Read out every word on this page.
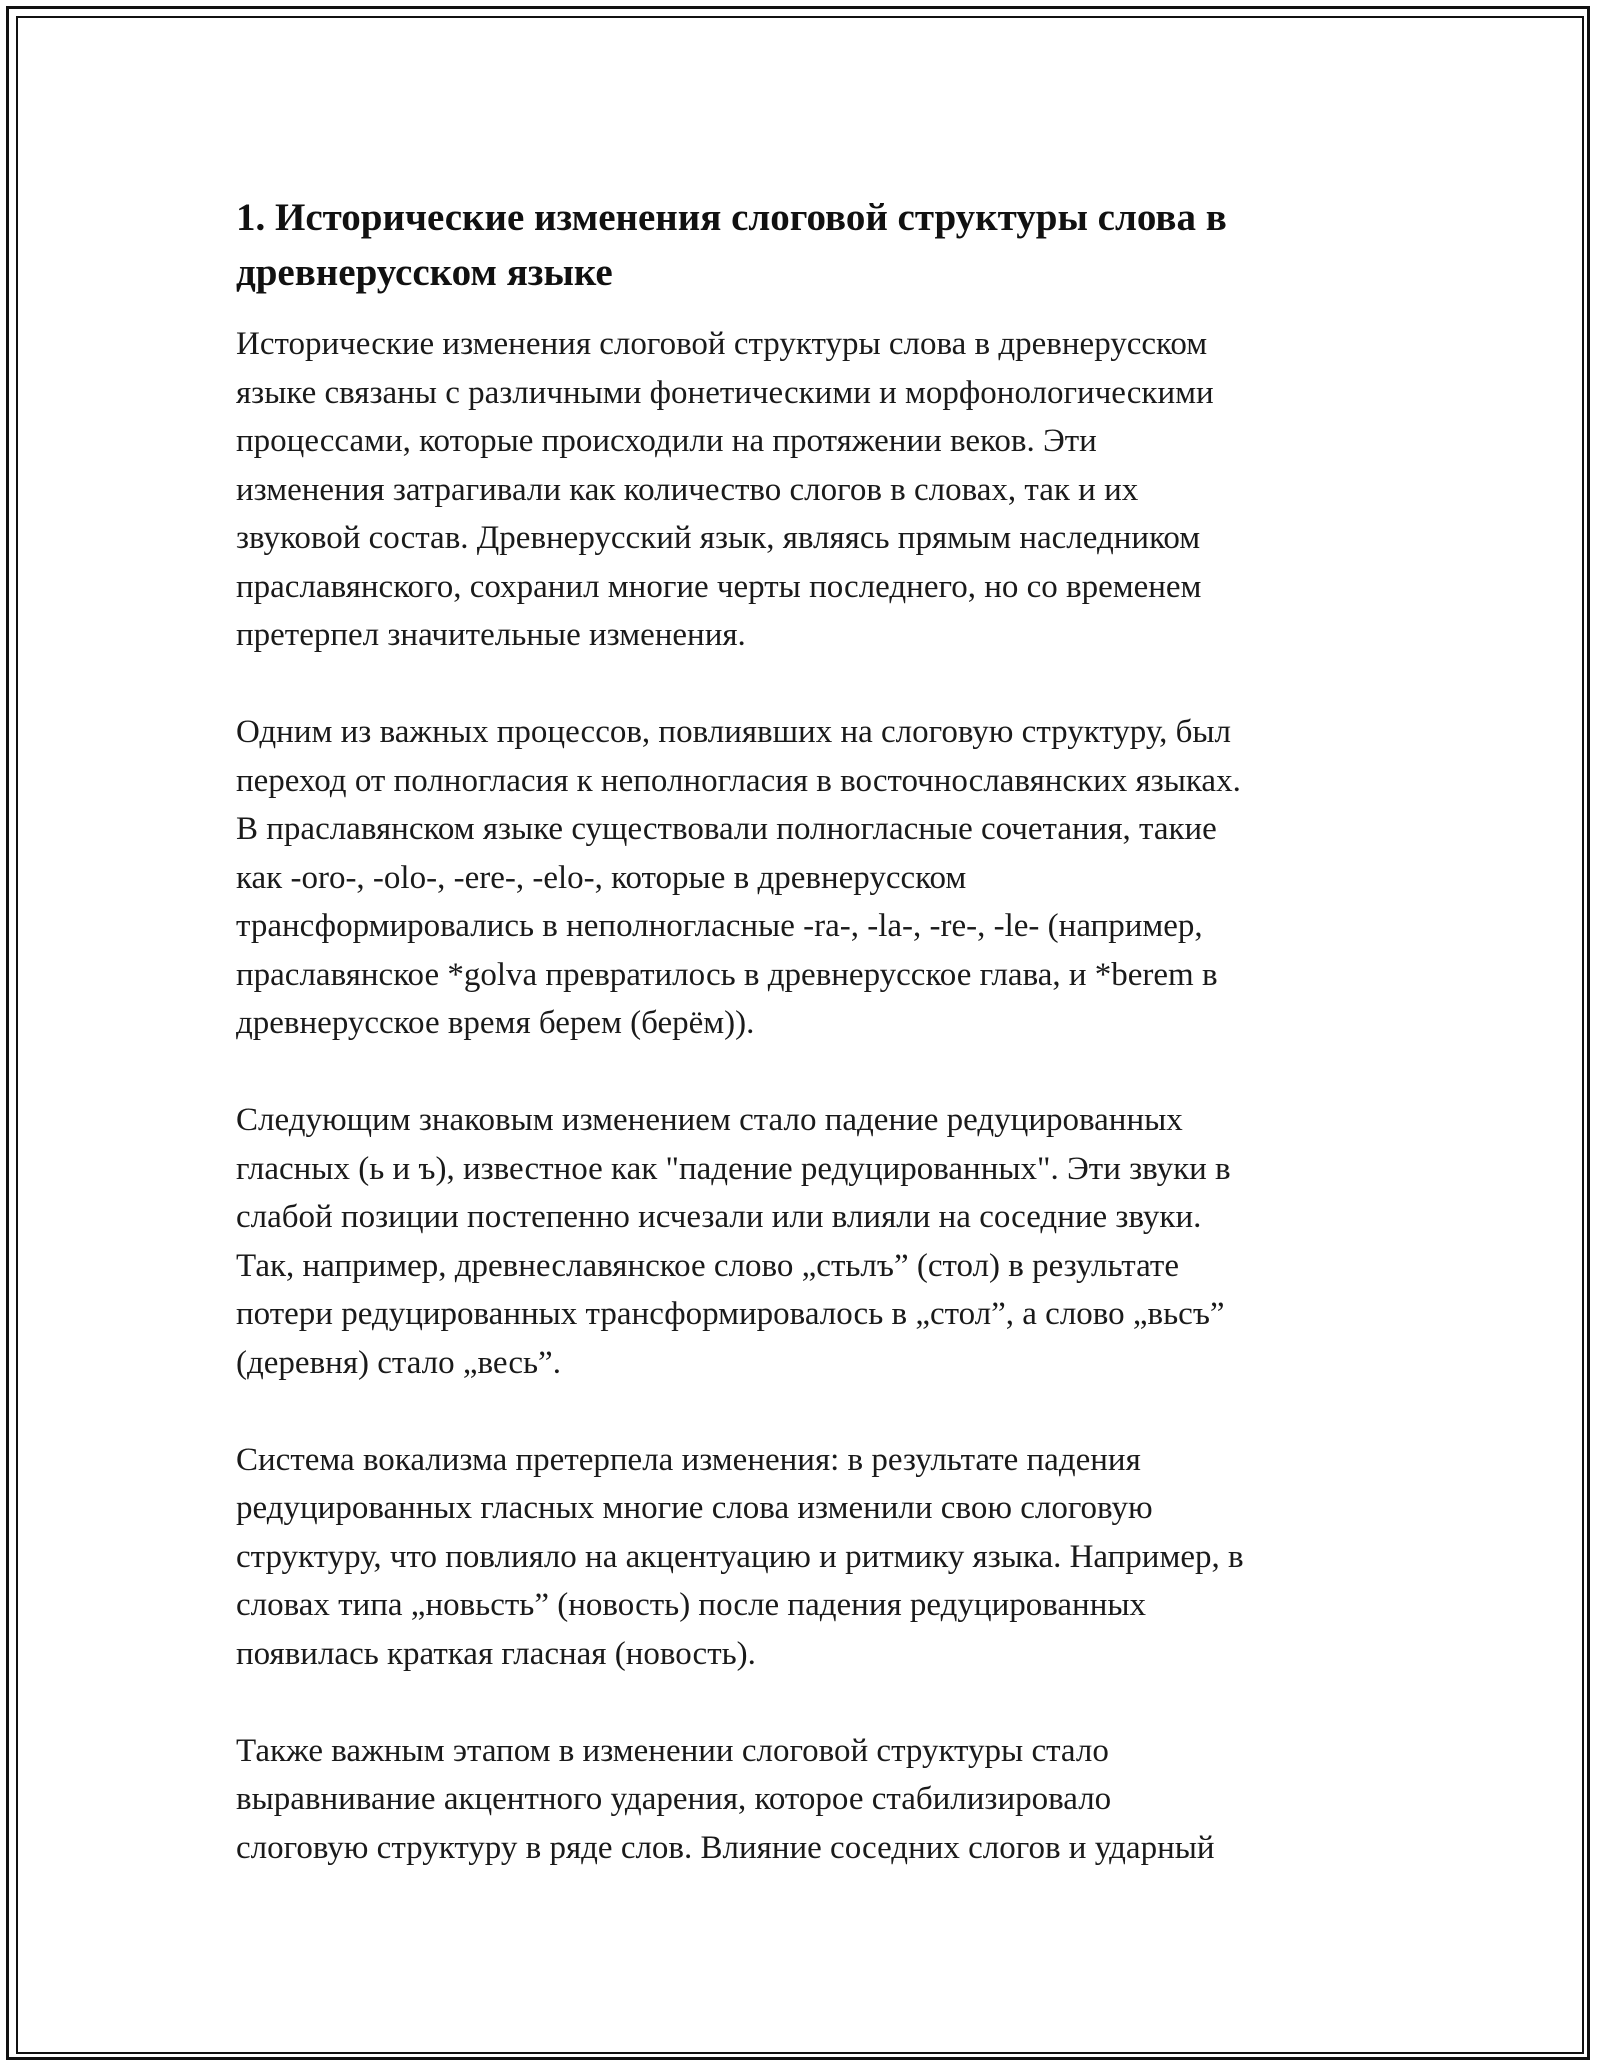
1. Исторические изменения слоговой структуры слова в
древнерусском языке

Исторические изменения слоговой структуры слова в древнерусском
языке связаны с различными фонетическими и морфонологическими
процессами, которые происходили на протяжении веков. Эти
изменения затрагивали как количество слогов в словах, так и их
звуковой состав. Древнерусский язык, являясь прямым наследником
праславянского, сохранил многие черты последнего, но со временем
претерпел значительные изменения.

Одним из важных процессов, повлиявших на слоговую структуру, был
переход от полногласия к неполногласия в восточнославянских языках.
В праславянском языке существовали полногласные сочетания, такие
как -oro-, -olo-, -ere-, -elo-, которые в древнерусском
трансформировались в неполногласные -ra-, -la-, -re-, -le- (например,
праславянское *golva превратилось в древнерусское глава, и *berem в
древнерусское время берем (берём)).

Следующим знаковым изменением стало падение редуцированных
гласных (ь и ъ), известное как "падение редуцированных". Эти звуки в
слабой позиции постепенно исчезали или влияли на соседние звуки.
Так, например, древнеславянское слово „стьлъ” (стол) в результате
потери редуцированных трансформировалось в „стол”, а слово „вьсъ”
(деревня) стало „весь”.

Система вокализма претерпела изменения: в результате падения
редуцированных гласных многие слова изменили свою слоговую
структуру, что повлияло на акцентуацию и ритмику языка. Например, в
словах типа „новьсть” (новость) после падения редуцированных
появилась краткая гласная (новость).

Также важным этапом в изменении слоговой структуры стало
выравнивание акцентного ударения, которое стабилизировало
слоговую структуру в ряде слов. Влияние соседних слогов и ударный
